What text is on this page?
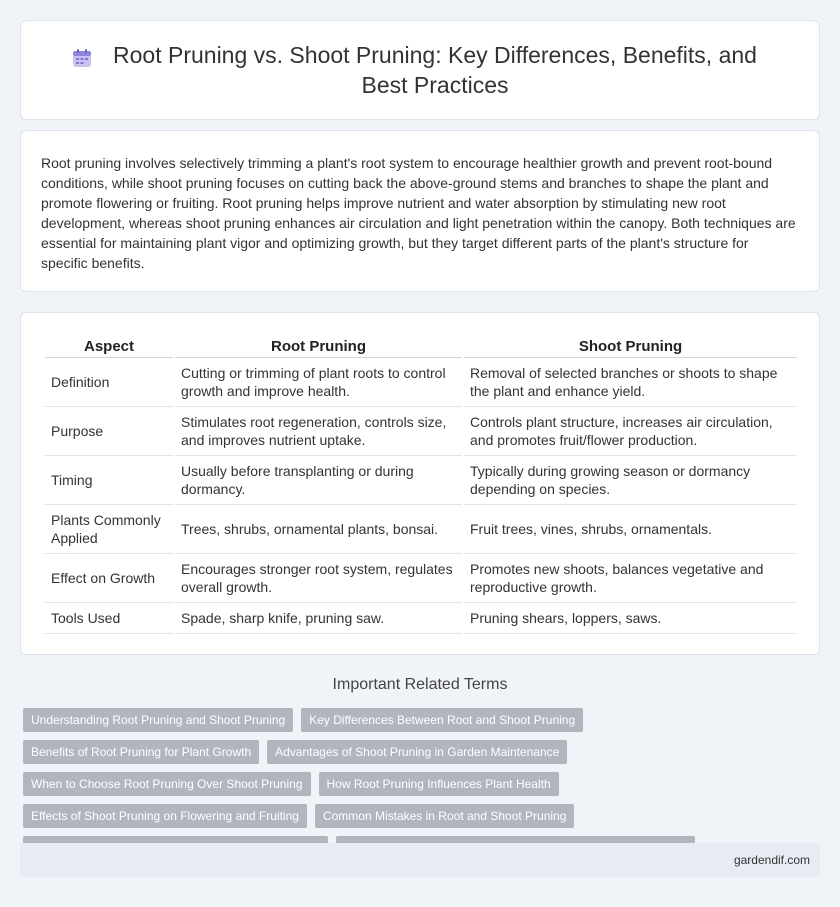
Root Pruning vs. Shoot Pruning: Key Differences, Benefits, and Best Practices

Root pruning involves selectively trimming a plant's root system to encourage healthier growth and prevent root-bound conditions, while shoot pruning focuses on cutting back the above-ground stems and branches to shape the plant and promote flowering or fruiting. Root pruning helps improve nutrient and water absorption by stimulating new root development, whereas shoot pruning enhances air circulation and light penetration within the canopy. Both techniques are essential for maintaining plant vigor and optimizing growth, but they target different parts of the plant's structure for specific benefits.

Aspect	Root Pruning	Shoot Pruning
Definition	Cutting or trimming of plant roots to control growth and improve health.	Removal of selected branches or shoots to shape the plant and enhance yield.
Purpose	Stimulates root regeneration, controls size, and improves nutrient uptake.	Controls plant structure, increases air circulation, and promotes fruit/flower production.
Timing	Usually before transplanting or during dormancy.	Typically during growing season or dormancy depending on species.
Plants Commonly Applied	Trees, shrubs, ornamental plants, bonsai.	Fruit trees, vines, shrubs, ornamentals.
Effect on Growth	Encourages stronger root system, regulates overall growth.	Promotes new shoots, balances vegetative and reproductive growth.
Tools Used	Spade, sharp knife, pruning saw.	Pruning shears, loppers, saws.
Important Related Terms
Understanding Root Pruning and Shoot Pruning	Key Differences Between Root and Shoot Pruning
Benefits of Root Pruning for Plant Growth	Advantages of Shoot Pruning in Garden Maintenance
When to Choose Root Pruning Over Shoot Pruning	How Root Pruning Influences Plant Health
Effects of Shoot Pruning on Flowering and Fruiting	Common Mistakes in Root and Shoot Pruning
gardendif.com
